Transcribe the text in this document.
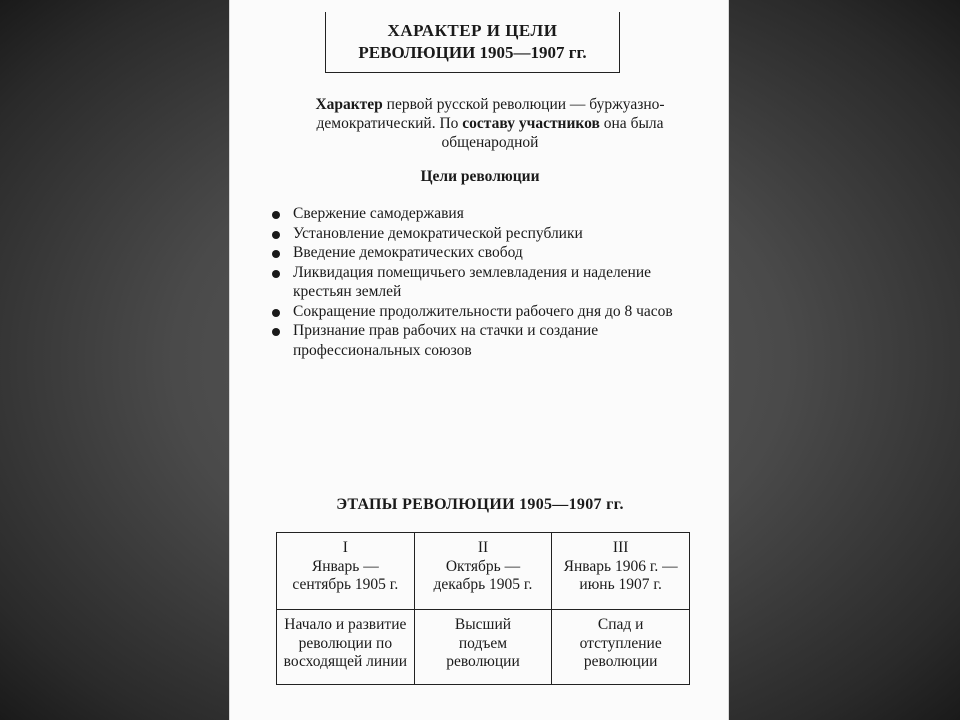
ХАРАКТЕР И ЦЕЛИ
РЕВОЛЮЦИИ 1905—1907 гг.
Характер первой русской революции — буржуазно-демократический. По составу участников она была общенародной
Цели революции
Свержение самодержавия
Установление демократической республики
Введение демократических свобод
Ликвидация помещичьего землевладения и наделение крестьян землей
Сокращение продолжительности рабочего дня до 8 часов
Признание прав рабочих на стачки и создание профессиональных союзов
ЭТАПЫ РЕВОЛЮЦИИ 1905—1907 гг.
I
Январь —
сентябрь 1905 г.	II
Октябрь —
декабрь 1905 г.	III
Январь 1906 г. —
июнь 1907 г.

Начало и развитие
революции по
восходящей линии	Высший
подъем
революции	Спад и
отступление
революции
